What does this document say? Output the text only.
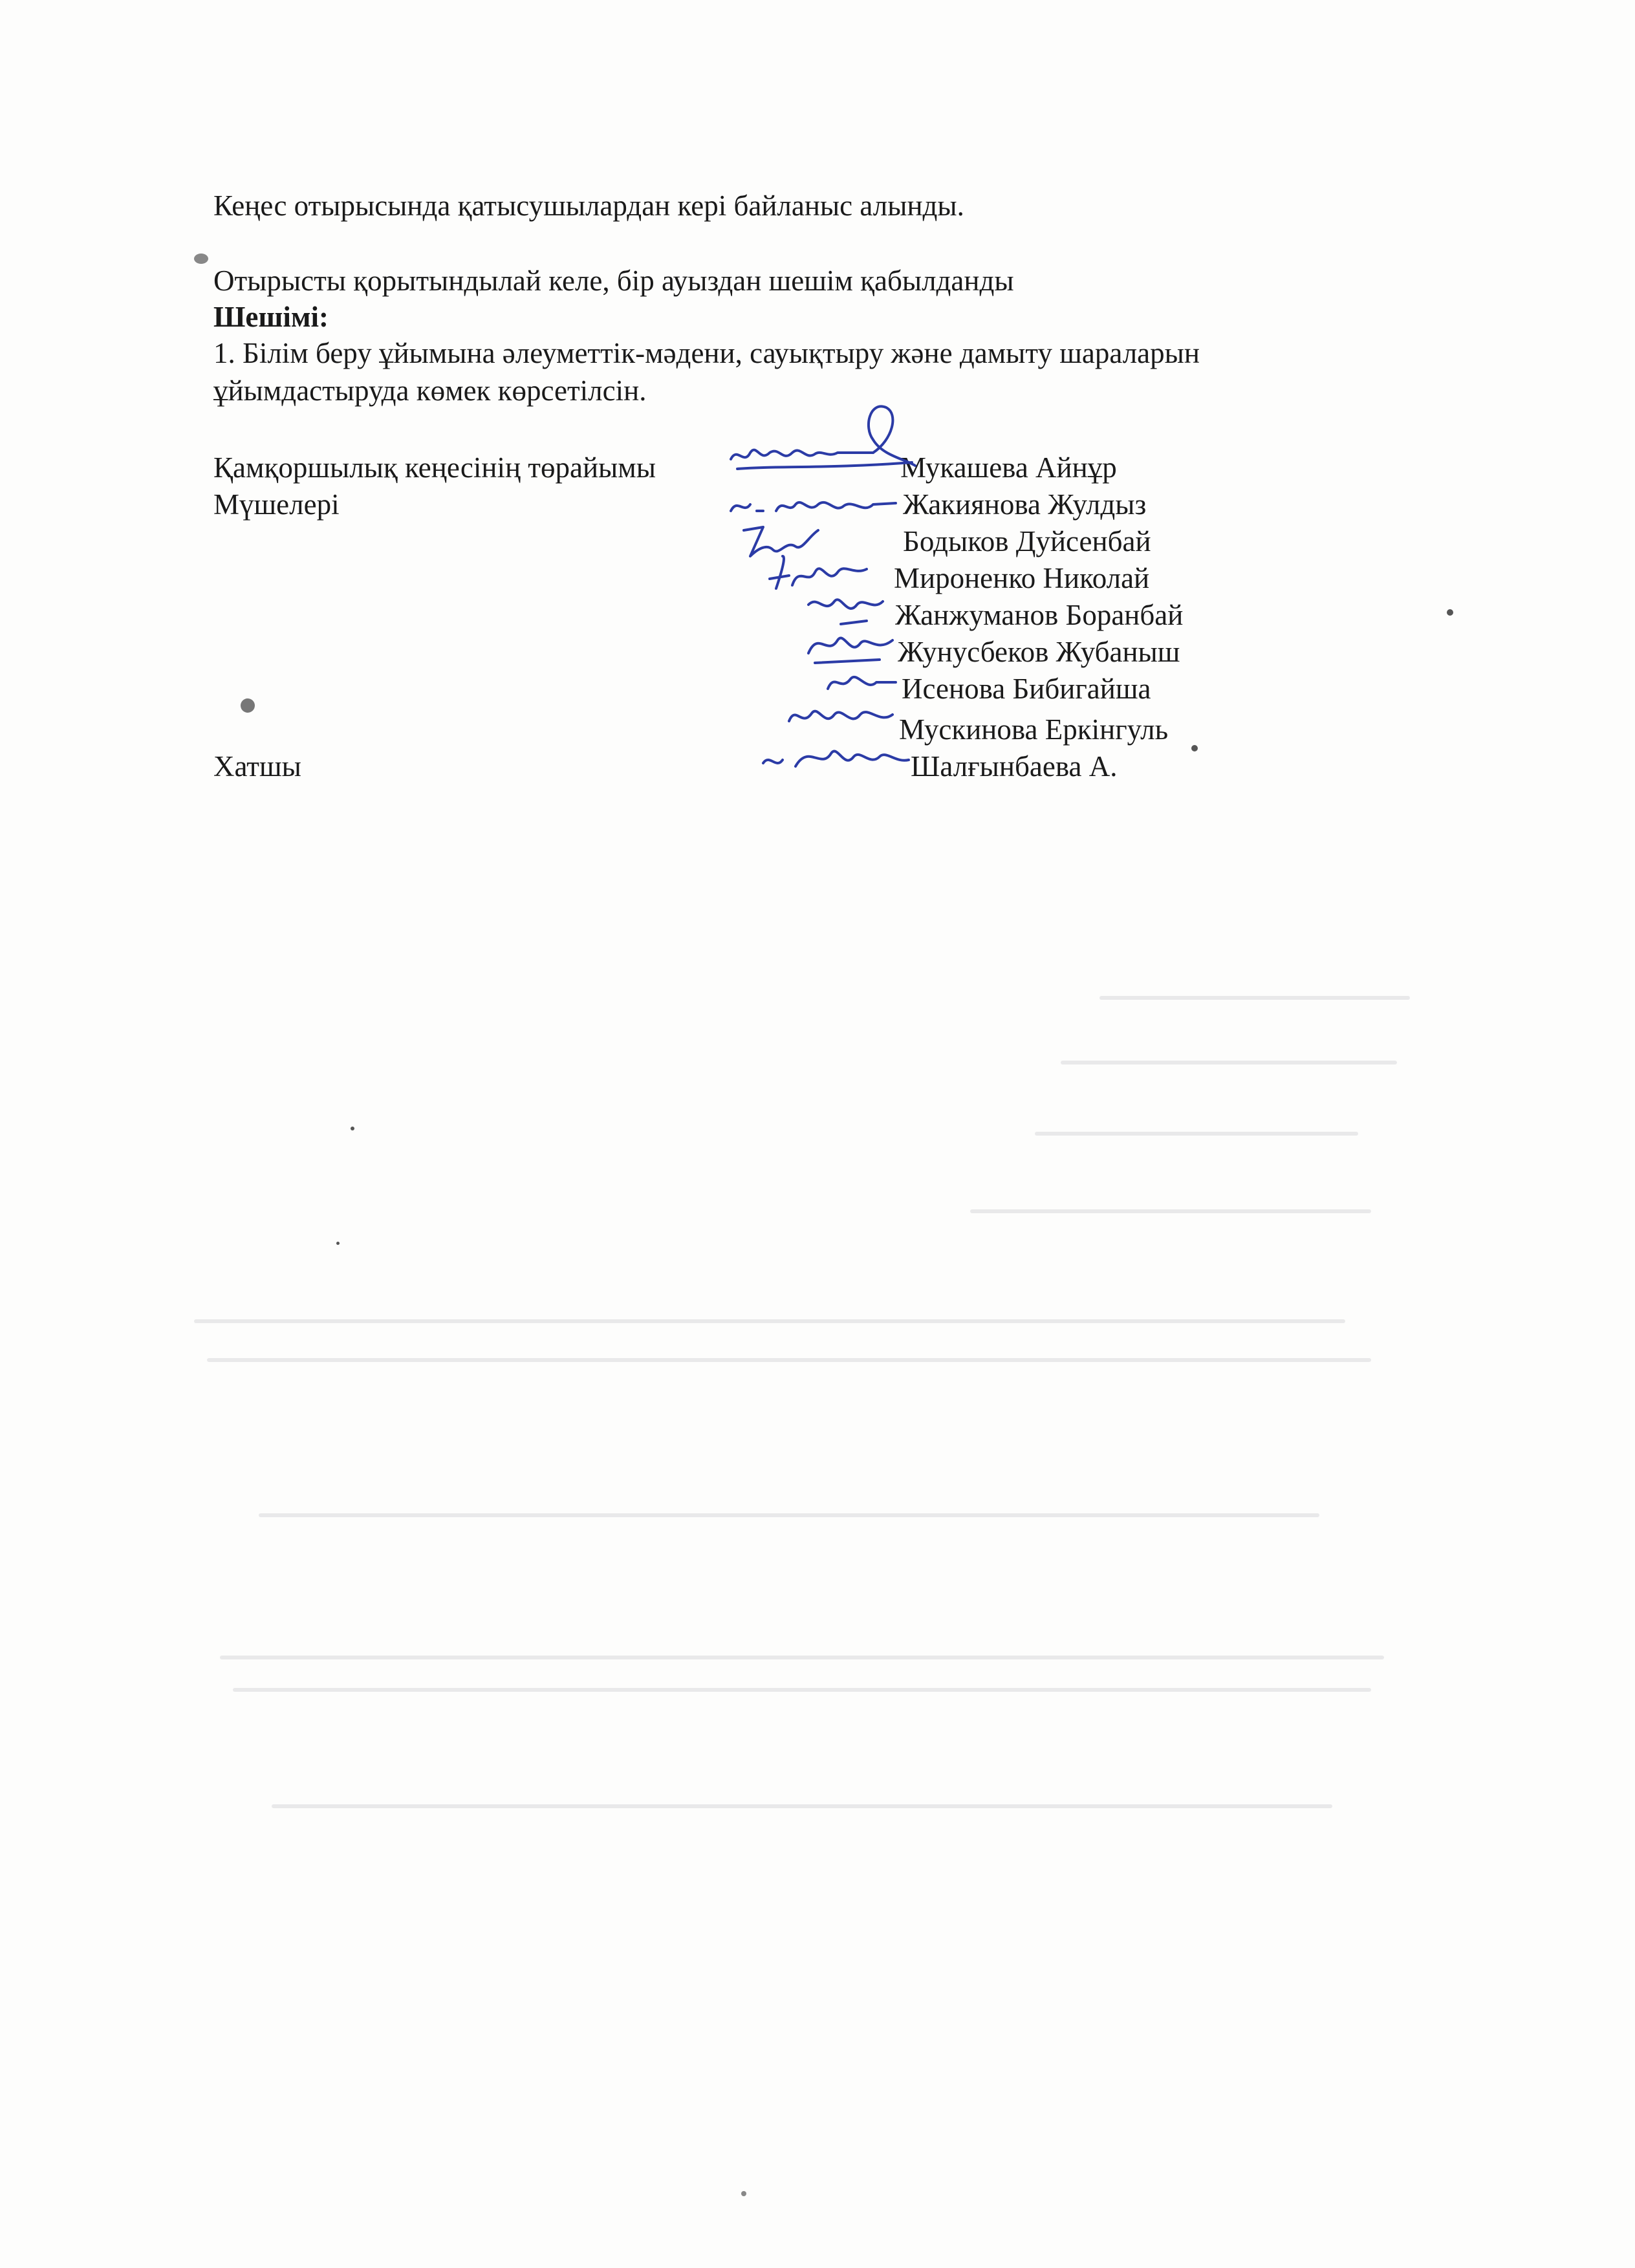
Кеңес отырысында қатысушылардан кері байланыс алынды.
Отырысты қорытындылай келе, бір ауыздан шешім қабылданды
Шешімі:
1. Білім беру ұйымына әлеуметтік-мәдени, сауықтыру және дамыту шараларын
ұйымдастыруда көмек көрсетілсін.
Қамқоршылық кеңесінің төрайымы
Мүшелері
Хатшы
Мукашева Айнұр
Жакиянова Жулдыз
Бодыков Дуйсенбай
Мироненко Николай
Жанжуманов Боранбай
Жунусбеков Жубаныш
Исенова Бибигайша
Мускинова Еркінгуль
Шалғынбаева А.
